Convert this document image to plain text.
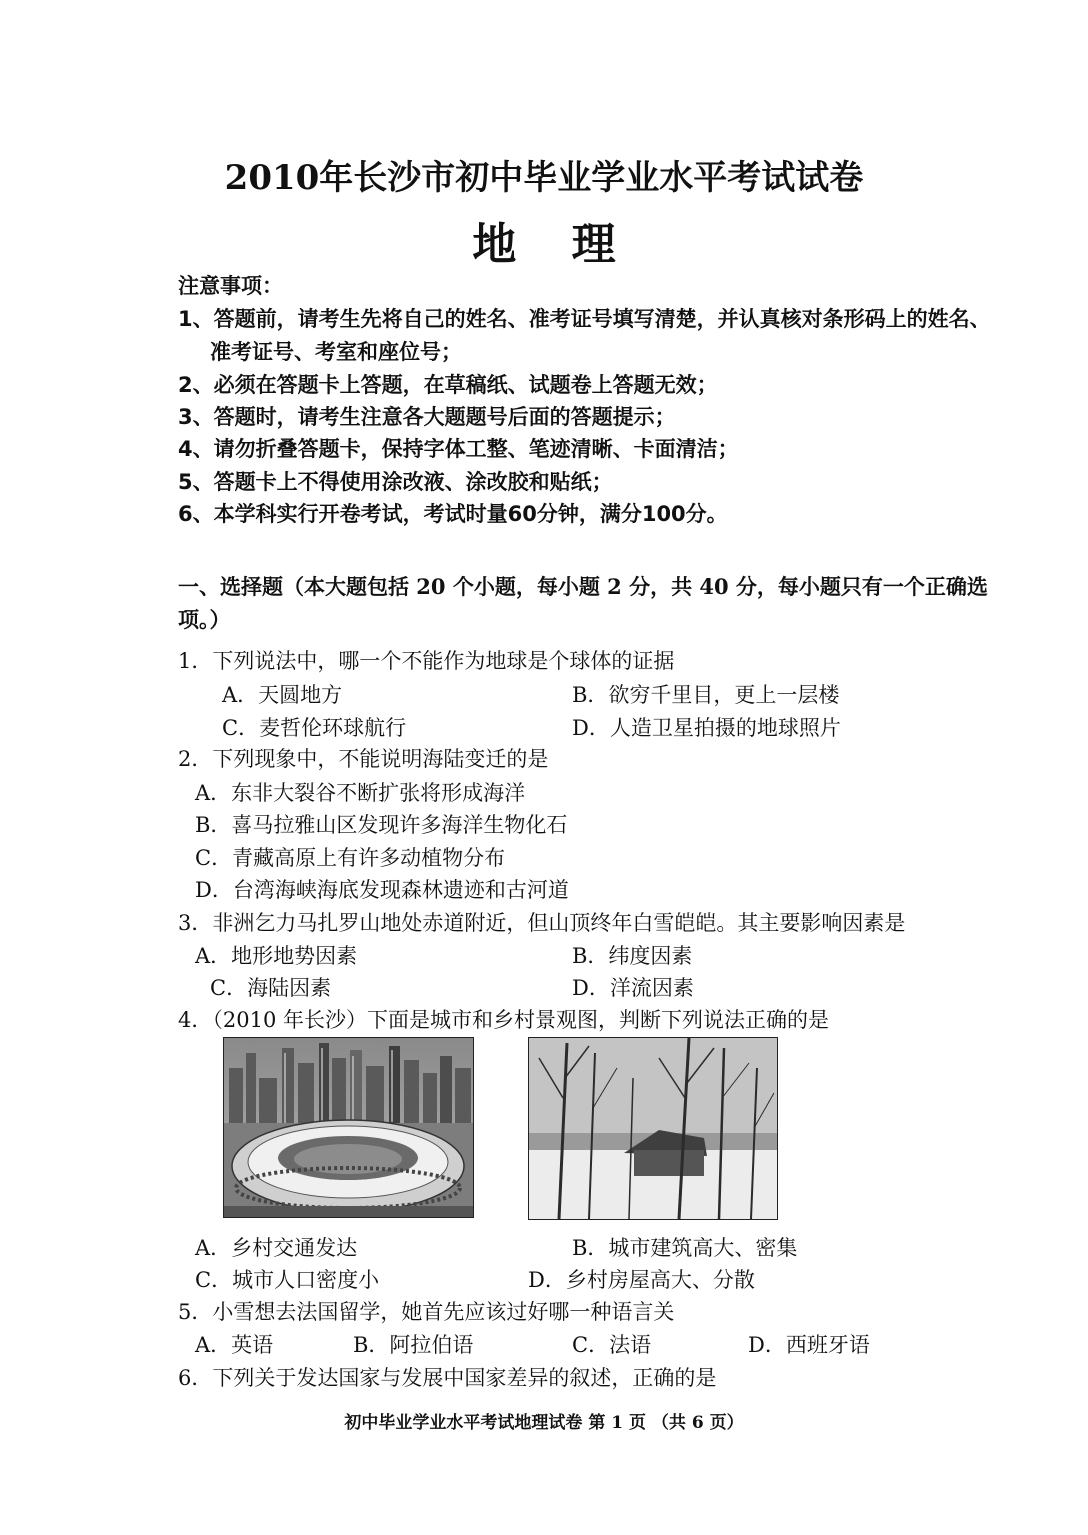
2010年长沙市初中毕业学业水平考试试卷
地 理
注意事项：
1、答题前，请考生先将自己的姓名、准考证号填写清楚，并认真核对条形码上的姓名、
准考证号、考室和座位号；
2、必须在答题卡上答题，在草稿纸、试题卷上答题无效；
3、答题时，请考生注意各大题题号后面的答题提示；
4、请勿折叠答题卡，保持字体工整、笔迹清晰、卡面清洁；
5、答题卡上不得使用涂改液、涂改胶和贴纸；
6、本学科实行开卷考试，考试时量60分钟，满分100分。
一、选择题（本大题包括 20 个小题，每小题 2 分，共 40 分，每小题只有一个正确选
项。）
1．下列说法中，哪一个不能作为地球是个球体的证据
A．天圆地方	B．欲穷千里目，更上一层楼
C．麦哲伦环球航行	D．人造卫星拍摄的地球照片
2．下列现象中，不能说明海陆变迁的是
A．东非大裂谷不断扩张将形成海洋
B．喜马拉雅山区发现许多海洋生物化石
C．青藏高原上有许多动植物分布
D．台湾海峡海底发现森林遗迹和古河道
3．非洲乞力马扎罗山地处赤道附近，但山顶终年白雪皑皑。其主要影响因素是
A．地形地势因素	B．纬度因素
C．海陆因素	D．洋流因素
4．（2010 年长沙）下面是城市和乡村景观图，判断下列说法正确的是
A．乡村交通发达	B．城市建筑高大、密集
C．城市人口密度小	D．乡村房屋高大、分散
5．小雪想去法国留学，她首先应该过好哪一种语言关
A．英语	B．阿拉伯语	C．法语	D．西班牙语
6．下列关于发达国家与发展中国家差异的叙述，正确的是
初中毕业学业水平考试地理试卷 第 1 页 （共 6 页）
